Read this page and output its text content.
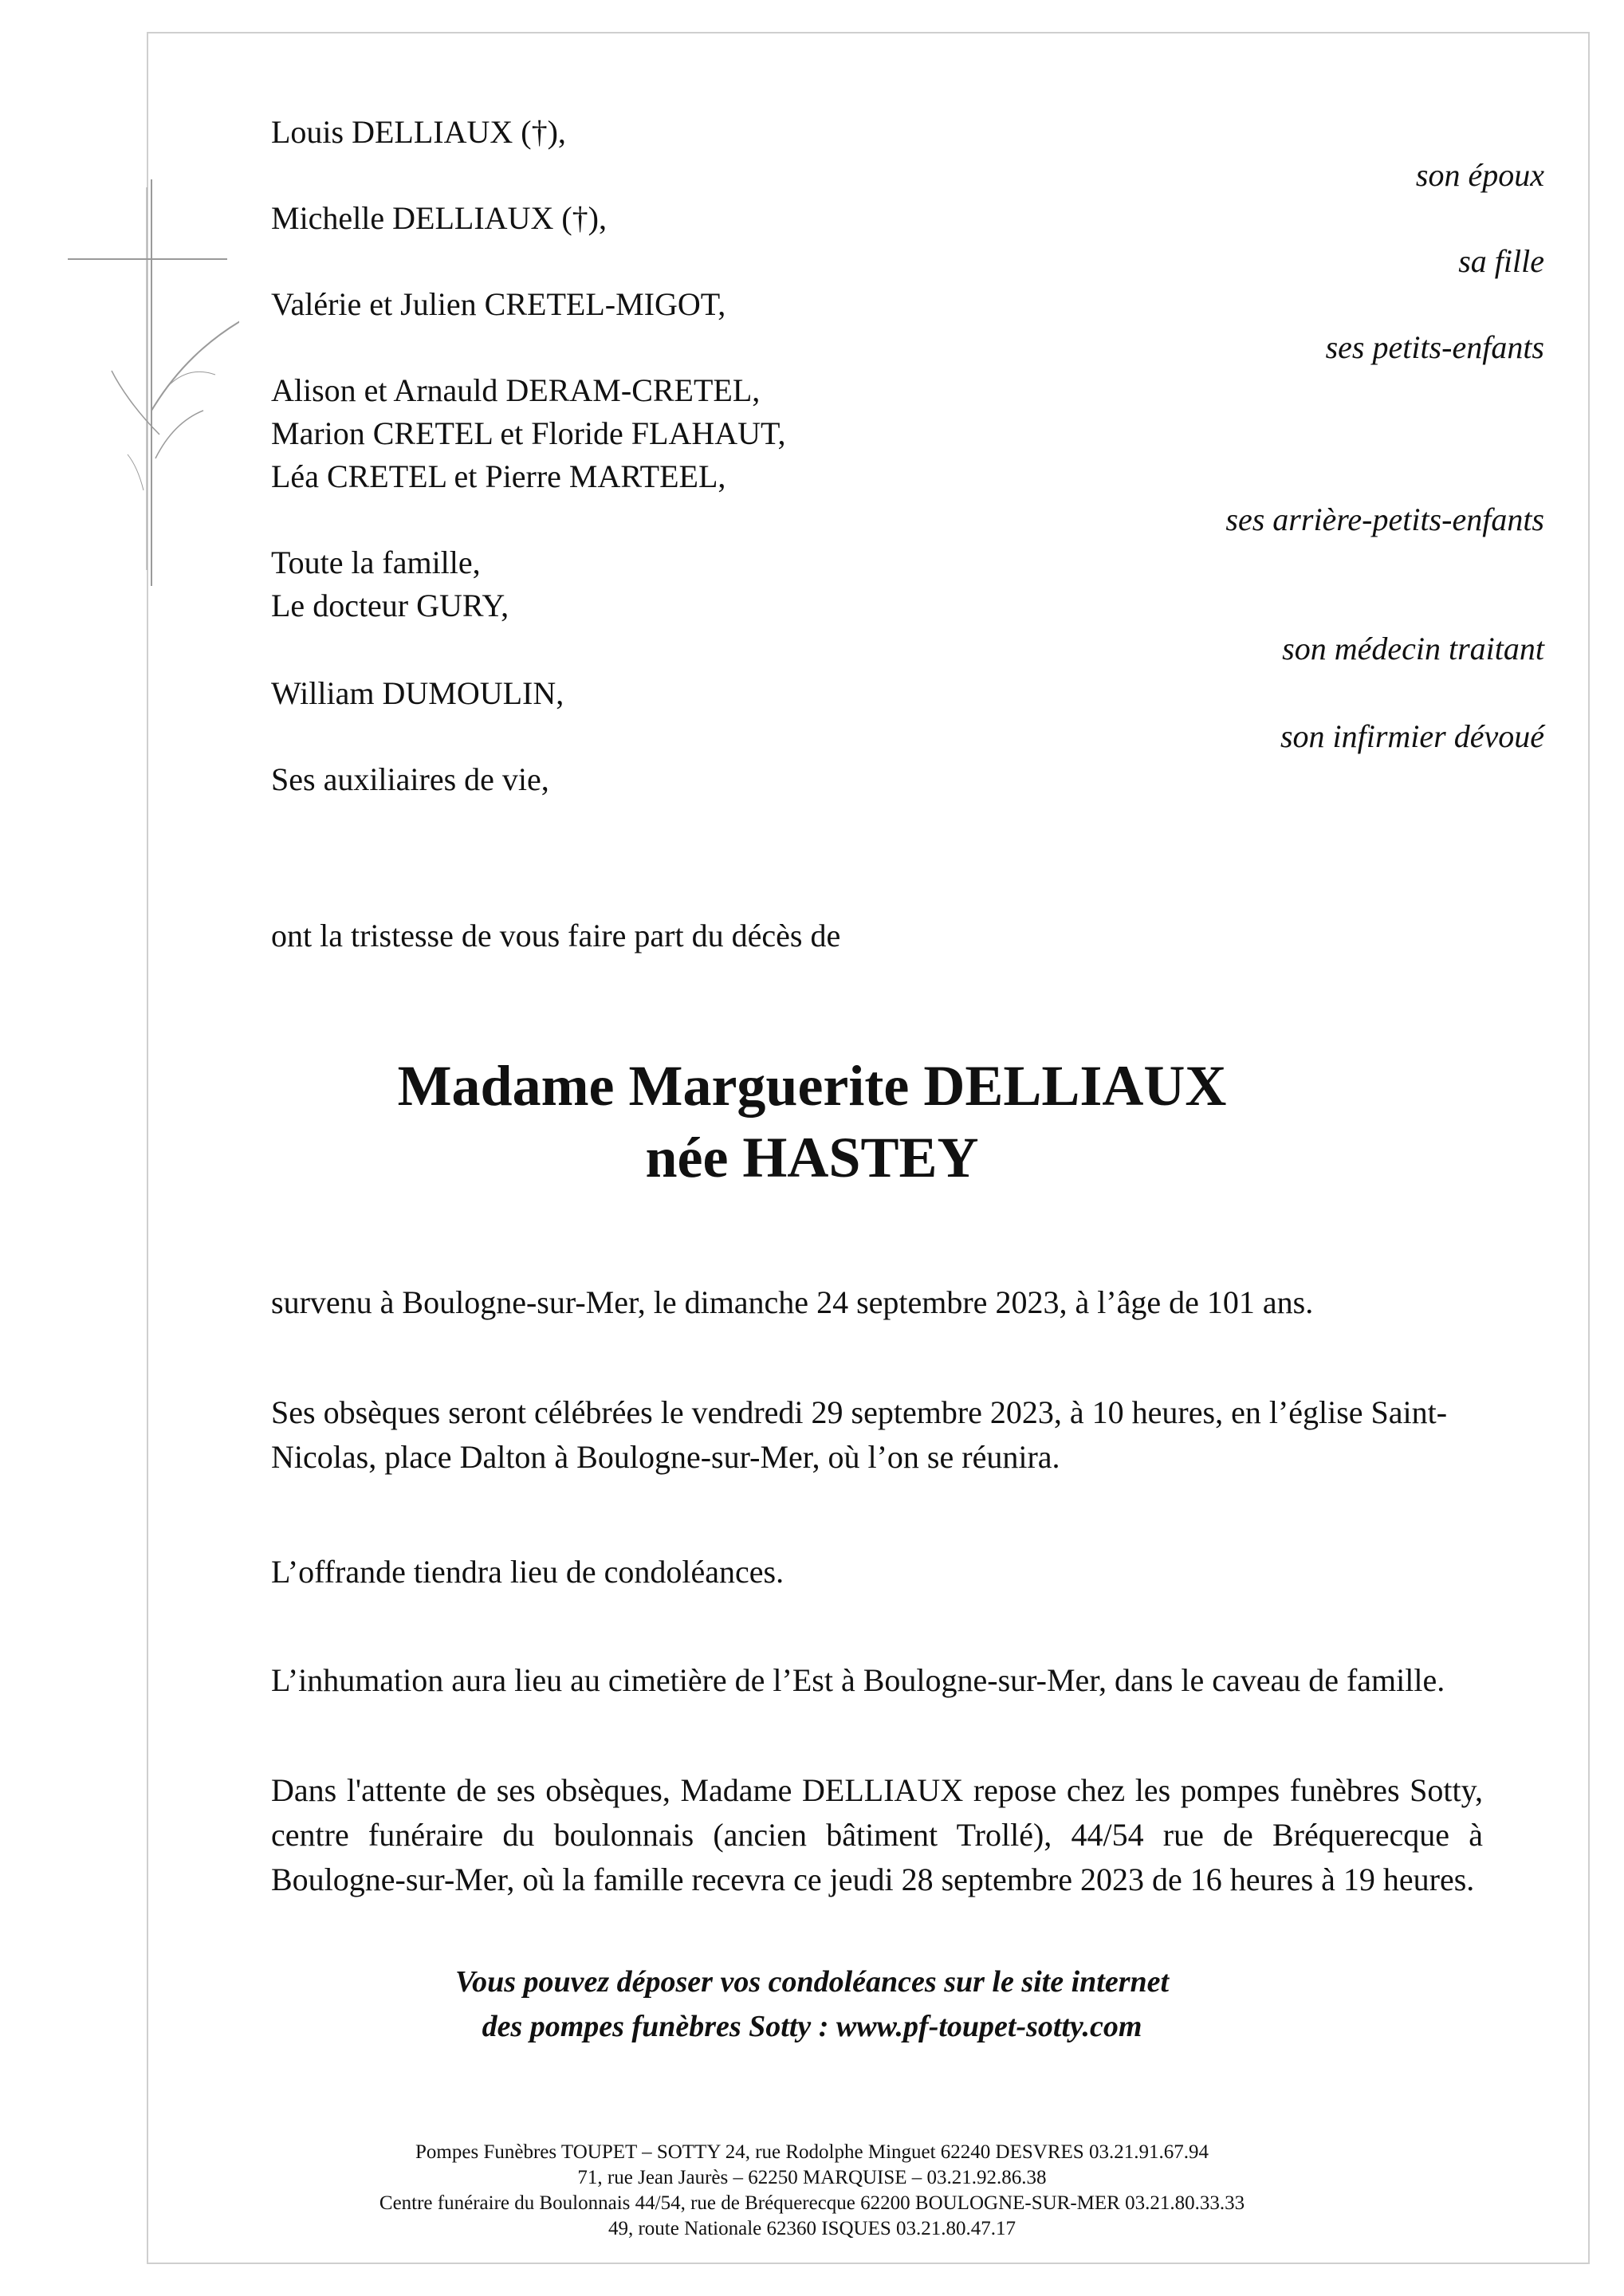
Louis DELLIAUX (†),
son époux
Michelle DELLIAUX (†),
sa fille
Valérie et Julien CRETEL-MIGOT,
ses petits-enfants
Alison et Arnauld DERAM-CRETEL,
Marion CRETEL et Floride FLAHAUT,
Léa CRETEL et Pierre MARTEEL,
ses arrière-petits-enfants
Toute la famille,
Le docteur GURY,
son médecin traitant
William DUMOULIN,
son infirmier dévoué
Ses auxiliaires de vie,
ont la tristesse de vous faire part du décès de
Madame Marguerite DELLIAUX
née HASTEY
survenu à Boulogne-sur-Mer, le dimanche 24 septembre 2023, à l’âge de 101 ans.
Ses obsèques seront célébrées le vendredi 29 septembre 2023, à 10 heures, en l’église Saint-Nicolas, place Dalton à Boulogne-sur-Mer, où l’on se réunira.
L’offrande tiendra lieu de condoléances.
L’inhumation aura lieu au cimetière de l’Est à Boulogne-sur-Mer, dans le caveau de famille.
Dans l'attente de ses obsèques, Madame DELLIAUX repose chez les pompes funèbres Sotty, centre funéraire du boulonnais (ancien bâtiment Trollé), 44/54 rue de Bréquerecque à Boulogne-sur-Mer, où la famille recevra ce jeudi 28 septembre 2023 de 16 heures à 19 heures.
Vous pouvez déposer vos condoléances sur le site internet
des pompes funèbres Sotty : www.pf-toupet-sotty.com
Pompes Funèbres TOUPET – SOTTY 24, rue Rodolphe Minguet 62240 DESVRES 03.21.91.67.94
71, rue Jean Jaurès – 62250 MARQUISE – 03.21.92.86.38
Centre funéraire du Boulonnais 44/54, rue de Bréquerecque 62200 BOULOGNE-SUR-MER 03.21.80.33.33
49, route Nationale 62360 ISQUES 03.21.80.47.17
